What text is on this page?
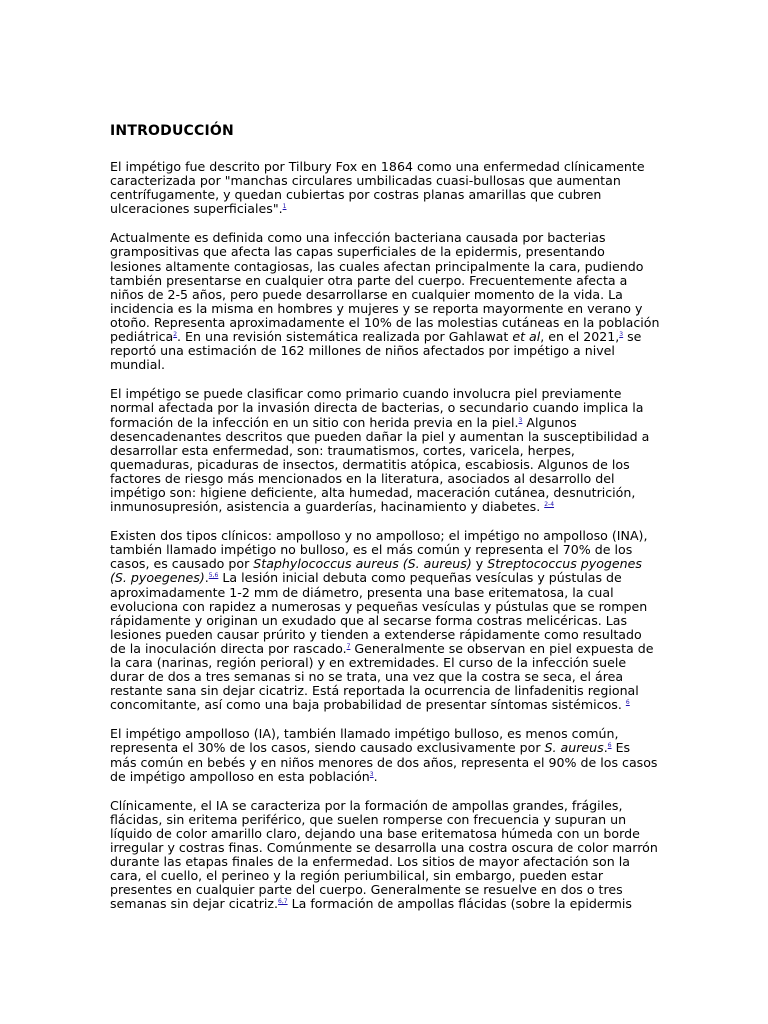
INTRODUCCIÓN

El impétigo fue descrito por Tilbury Fox en 1864 como una enfermedad clínicamente caracterizada por "manchas circulares umbilicadas cuasi-bullosas que aumentan centrífugamente, y quedan cubiertas por costras planas amarillas que cubren ulceraciones superficiales".$^1$

Actualmente es definida como una infección bacteriana causada por bacterias grampositivas que afecta las capas superficiales de la epidermis, presentando lesiones altamente contagiosas, las cuales afectan principalmente la cara, pudiendo también presentarse en cualquier otra parte del cuerpo. Frecuentemente afecta a niños de 2-5 años, pero puede desarrollarse en cualquier momento de la vida. La incidencia es la misma en hombres y mujeres y se reporta mayormente en verano y otoño. Representa aproximadamente el 10% de las molestias cutáneas en la población pediátrica$^2$. En una revisión sistemática realizada por Gahlawat et al, en el 2021,$^3$ se reportó una estimación de 162 millones de niños afectados por impétigo a nivel mundial.

El impétigo se puede clasificar como primario cuando involucra piel previamente normal afectada por la invasión directa de bacterias, o secundario cuando implica la formación de la infección en un sitio con herida previa en la piel.$^3$ Algunos desencadenantes descritos que pueden dañar la piel y aumentan la susceptibilidad a desarrollar esta enfermedad, son: traumatismos, cortes, varicela, herpes, quemaduras, picaduras de insectos, dermatitis atópica, escabiosis. Algunos de los factores de riesgo más mencionados en la literatura, asociados al desarrollo del impétigo son: higiene deficiente, alta humedad, maceración cutánea, desnutrición, inmunosupresión, asistencia a guarderías, hacinamiento y diabetes. $^{2-4}$

Existen dos tipos clínicos: ampolloso y no ampolloso; el impétigo no ampolloso (INA), también llamado impétigo no bulloso, es el más común y representa el 70% de los casos, es causado por Staphylococcus aureus (S. aureus) y Streptococcus pyogenes (S. pyoegenes).$^{5,6}$ La lesión inicial debuta como pequeñas vesículas y pústulas de aproximadamente 1-2 mm de diámetro, presenta una base eritematosa, la cual evoluciona con rapidez a numerosas y pequeñas vesículas y pústulas que se rompen rápidamente y originan un exudado que al secarse forma costras melicéricas. Las lesiones pueden causar prúrito y tienden a extenderse rápidamente como resultado de la inoculación directa por rascado.$^7$ Generalmente se observan en piel expuesta de la cara (narinas, región perioral) y en extremidades. El curso de la infección suele durar de dos a tres semanas si no se trata, una vez que la costra se seca, el área restante sana sin dejar cicatriz. Está reportada la ocurrencia de linfadenitis regional concomitante, así como una baja probabilidad de presentar síntomas sistémicos. $^6$

El impétigo ampolloso (IA), también llamado impétigo bulloso, es menos común, representa el 30% de los casos, siendo causado exclusivamente por S. aureus.$^6$ Es más común en bebés y en niños menores de dos años, representa el 90% de los casos de impétigo ampolloso en esta población$^3$.

Clínicamente, el IA se caracteriza por la formación de ampollas grandes, frágiles, flácidas, sin eritema periférico, que suelen romperse con frecuencia y supuran un líquido de color amarillo claro, dejando una base eritematosa húmeda con un borde irregular y costras finas. Comúnmente se desarrolla una costra oscura de color marrón durante las etapas finales de la enfermedad. Los sitios de mayor afectación son la cara, el cuello, el perineo y la región periumbilical, sin embargo, pueden estar presentes en cualquier parte del cuerpo. Generalmente se resuelve en dos o tres semanas sin dejar cicatriz.$^{6,7}$ La formación de ampollas flácidas (sobre la epidermis
